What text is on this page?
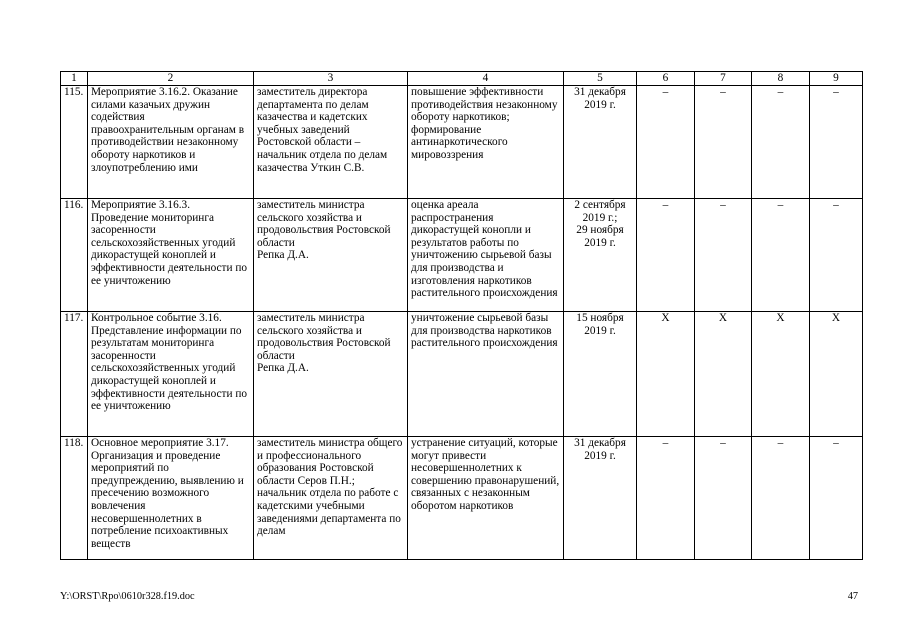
1	2	3	4	5	6	7	8	9
115.	Мероприятие 3.16.2. Оказание силами казачьих дружин содействия правоохранительным органам в противодействии незаконному обороту наркотиков и злоупотреблению ими	заместитель директора департамента по делам казачества и кадетских учебных заведений Ростовской области – начальник отдела по делам казачества Уткин С.В.	повышение эффективности противодействия незаконному обороту наркотиков; формирование антинаркотического мировоззрения	31 декабря 2019 г.	–	–	–	–
116.	Мероприятие 3.16.3. Проведение мониторинга засоренности сельскохозяйственных угодий дикорастущей коноплей и эффективности деятельности по ее уничтожению	заместитель министра сельского хозяйства и продовольствия Ростовской области
Репка Д.А.	оценка ареала распространения дикорастущей конопли и результатов работы по уничтожению сырьевой базы для производства и изготовления наркотиков растительного происхождения	2 сентября 2019 г.;
29 ноября 2019 г.	–	–	–	–
117.	Контрольное событие 3.16. Представление информации по результатам мониторинга засоренности сельскохозяйственных угодий дикорастущей коноплей и эффективности деятельности по ее уничтожению	заместитель министра сельского хозяйства и продовольствия Ростовской области
Репка Д.А.	уничтожение сырьевой базы для производства наркотиков растительного происхождения	15 ноября 2019 г.	Х	Х	Х	Х
118.	Основное мероприятие 3.17. Организация и проведение мероприятий по предупреждению, выявлению и пресечению возможного вовлечения несовершеннолетних в потребление психоактивных веществ	заместитель министра общего и профессионального образования Ростовской области Серов П.Н.; начальник отдела по работе с кадетскими учебными заведениями департамента по делам	устранение ситуаций, которые могут привести несовершеннолетних к совершению правонарушений, связанных с незаконным оборотом наркотиков	31 декабря 2019 г.	–	–	–	–
Y:\ORST\Rpo\0610r328.f19.doc	47
